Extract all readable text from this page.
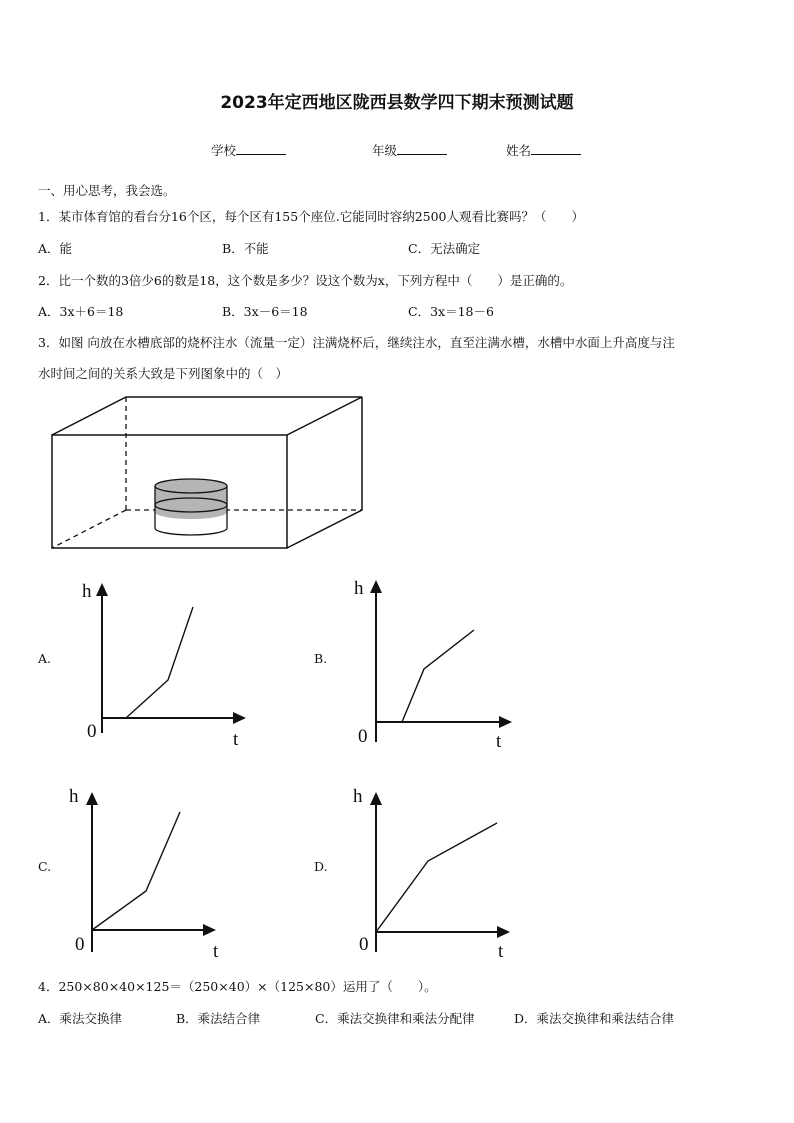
2023年定西地区陇西县数学四下期末预测试题
学校	年级	姓名
一、用心思考，我会选。
1．某市体育馆的看台分16个区，每个区有155个座位.它能同时容纳2500人观看比赛吗？（　　）
A．能	B．不能	C．无法确定
2．比一个数的3倍少6的数是18，这个数是多少？设这个数为x，下列方程中（　　）是正确的。
A．3x＋6＝18	B．3x－6＝18	C．3x＝18－6
3．如图 向放在水槽底部的烧杯注水（流量一定）注满烧杯后，继续注水，直至注满水槽，水槽中水面上升高度与注
水时间之间的关系大致是下列图象中的（　）
A.
h
0	t
B.
h
0	t
C.
h
0	t
D.
h
0	t
4．250×80×40×125＝（250×40）×（125×80）运用了（　　）。
A．乘法交换律	B．乘法结合律	C．乘法交换律和乘法分配律	D．乘法交换律和乘法结合律
